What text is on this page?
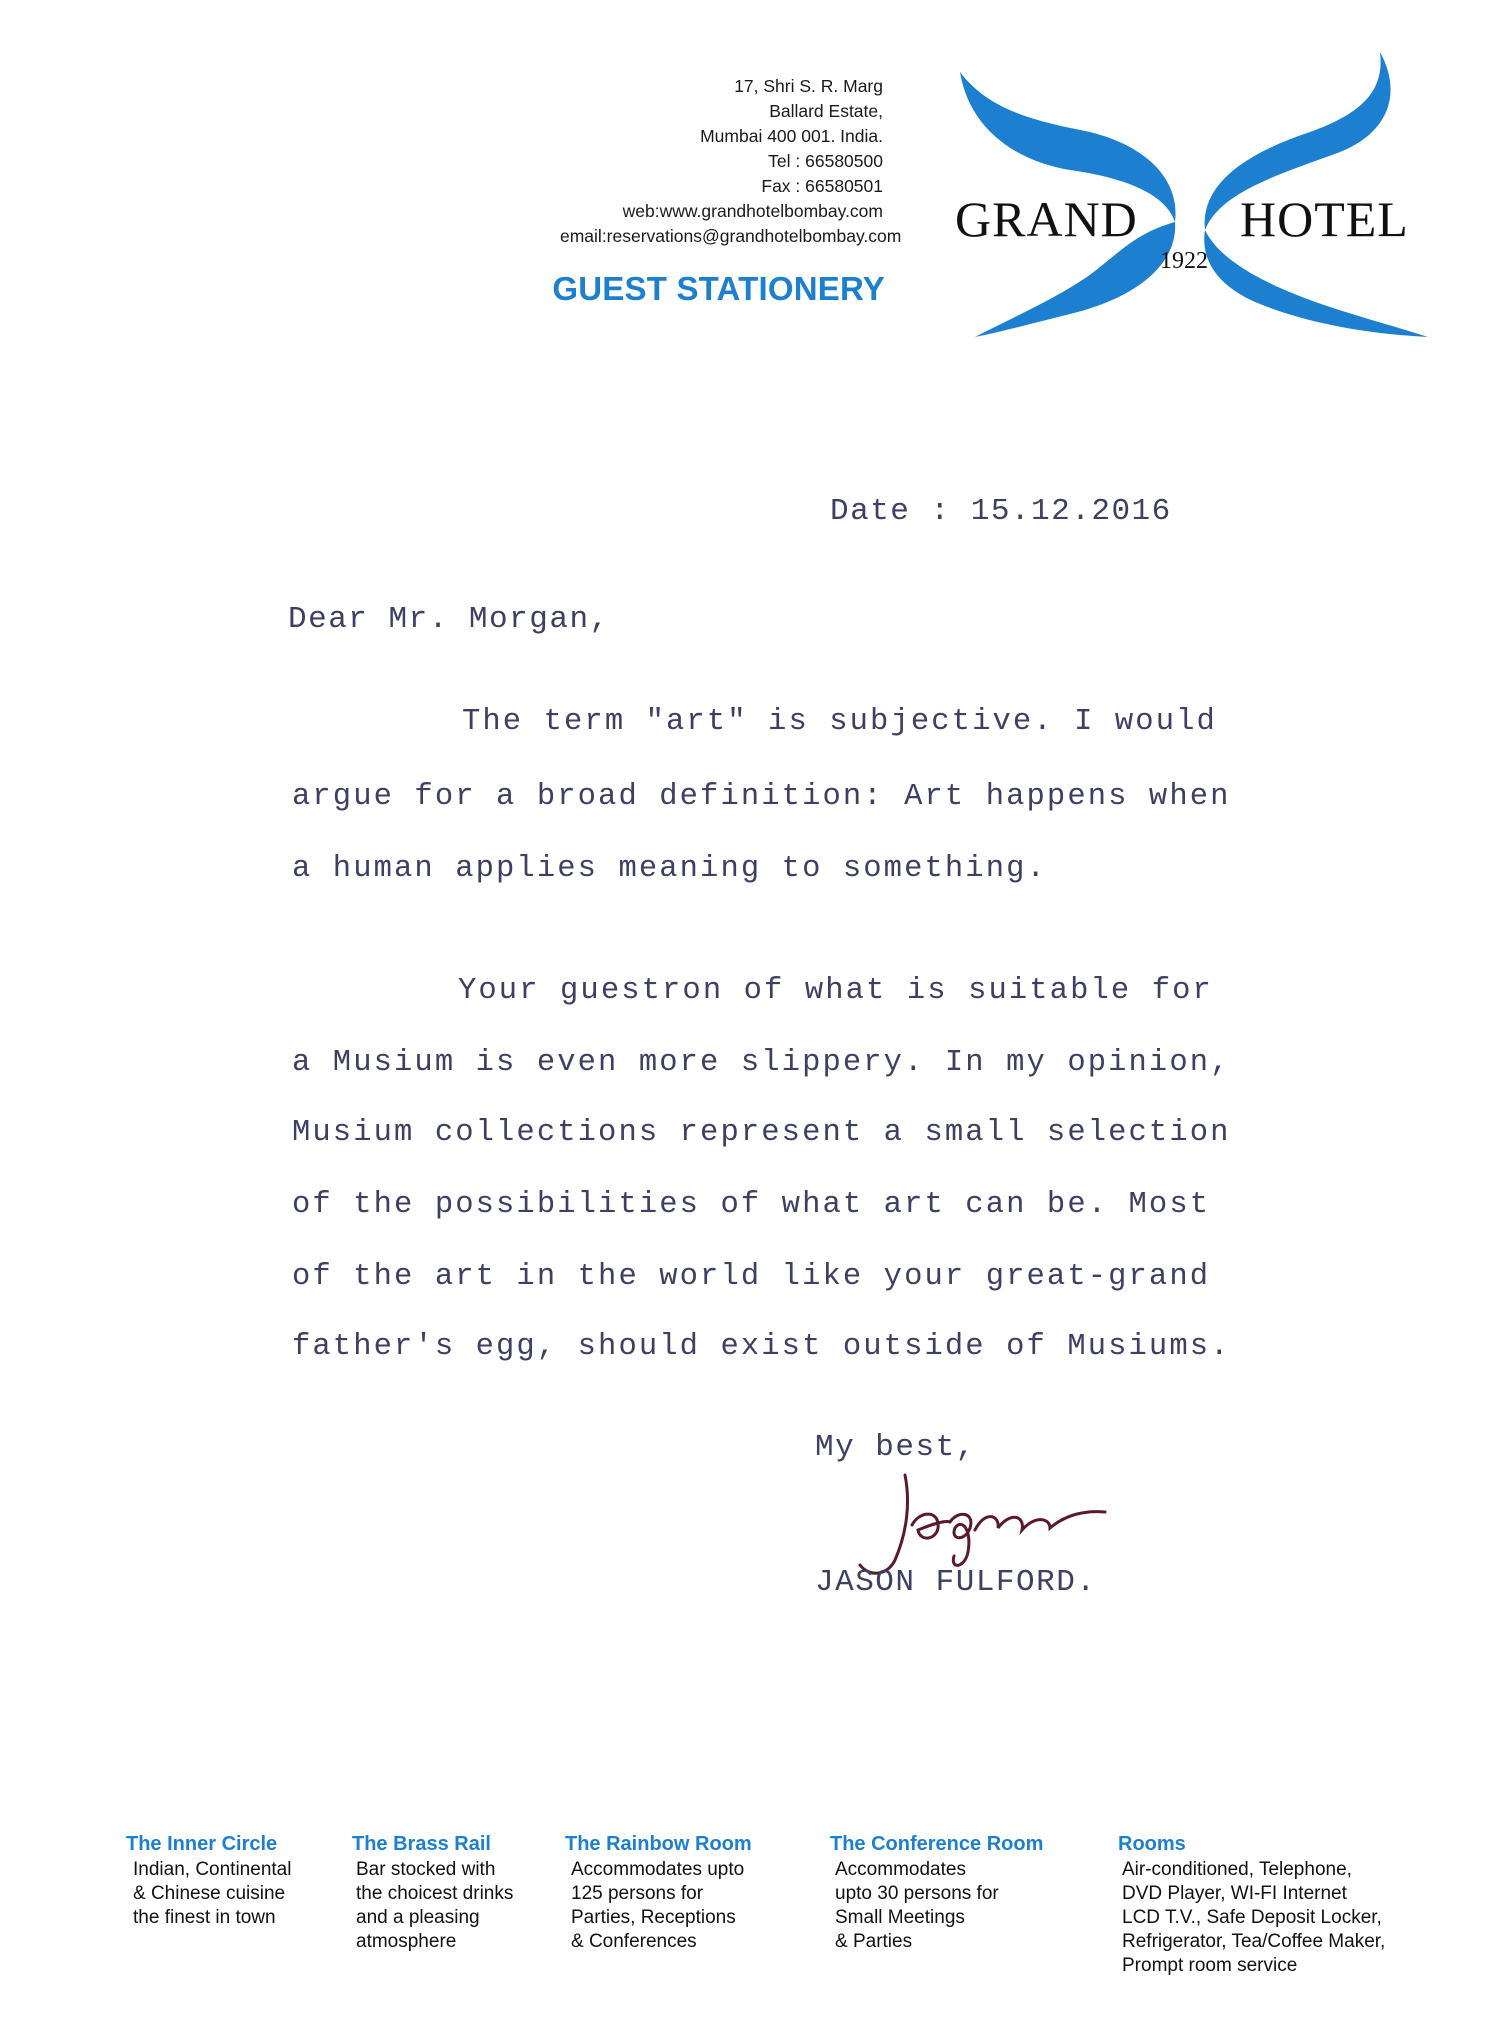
17, Shri S. R. Marg
Ballard Estate,
Mumbai 400 001. India.
Tel : 66580500
Fax : 66580501
web:www.grandhotelbombay.com
email:reservations@grandhotelbombay.com
GUEST STATIONERY
GRAND HOTEL
1922
Date : 15.12.2016
Dear Mr. Morgan,
The term "art" is subjective. I would
argue for a broad definition: Art happens when
a human applies meaning to something.
Your guestron of what is suitable for
a Musium is even more slippery. In my opinion,
Musium collections represent a small selection
of the possibilities of what art can be. Most
of the art in the world like your great-grand
father's egg, should exist outside of Musiums.
My best,
JASON FULFORD.
The Inner Circle
Indian, Continental
& Chinese cuisine
the finest in town
The Brass Rail
Bar stocked with
the choicest drinks
and a pleasing
atmosphere
The Rainbow Room
Accommodates upto
125 persons for
Parties, Receptions
& Conferences
The Conference Room
Accommodates
upto 30 persons for
Small Meetings
& Parties
Rooms
Air-conditioned, Telephone,
DVD Player, WI-FI Internet
LCD T.V., Safe Deposit Locker,
Refrigerator, Tea/Coffee Maker,
Prompt room service
